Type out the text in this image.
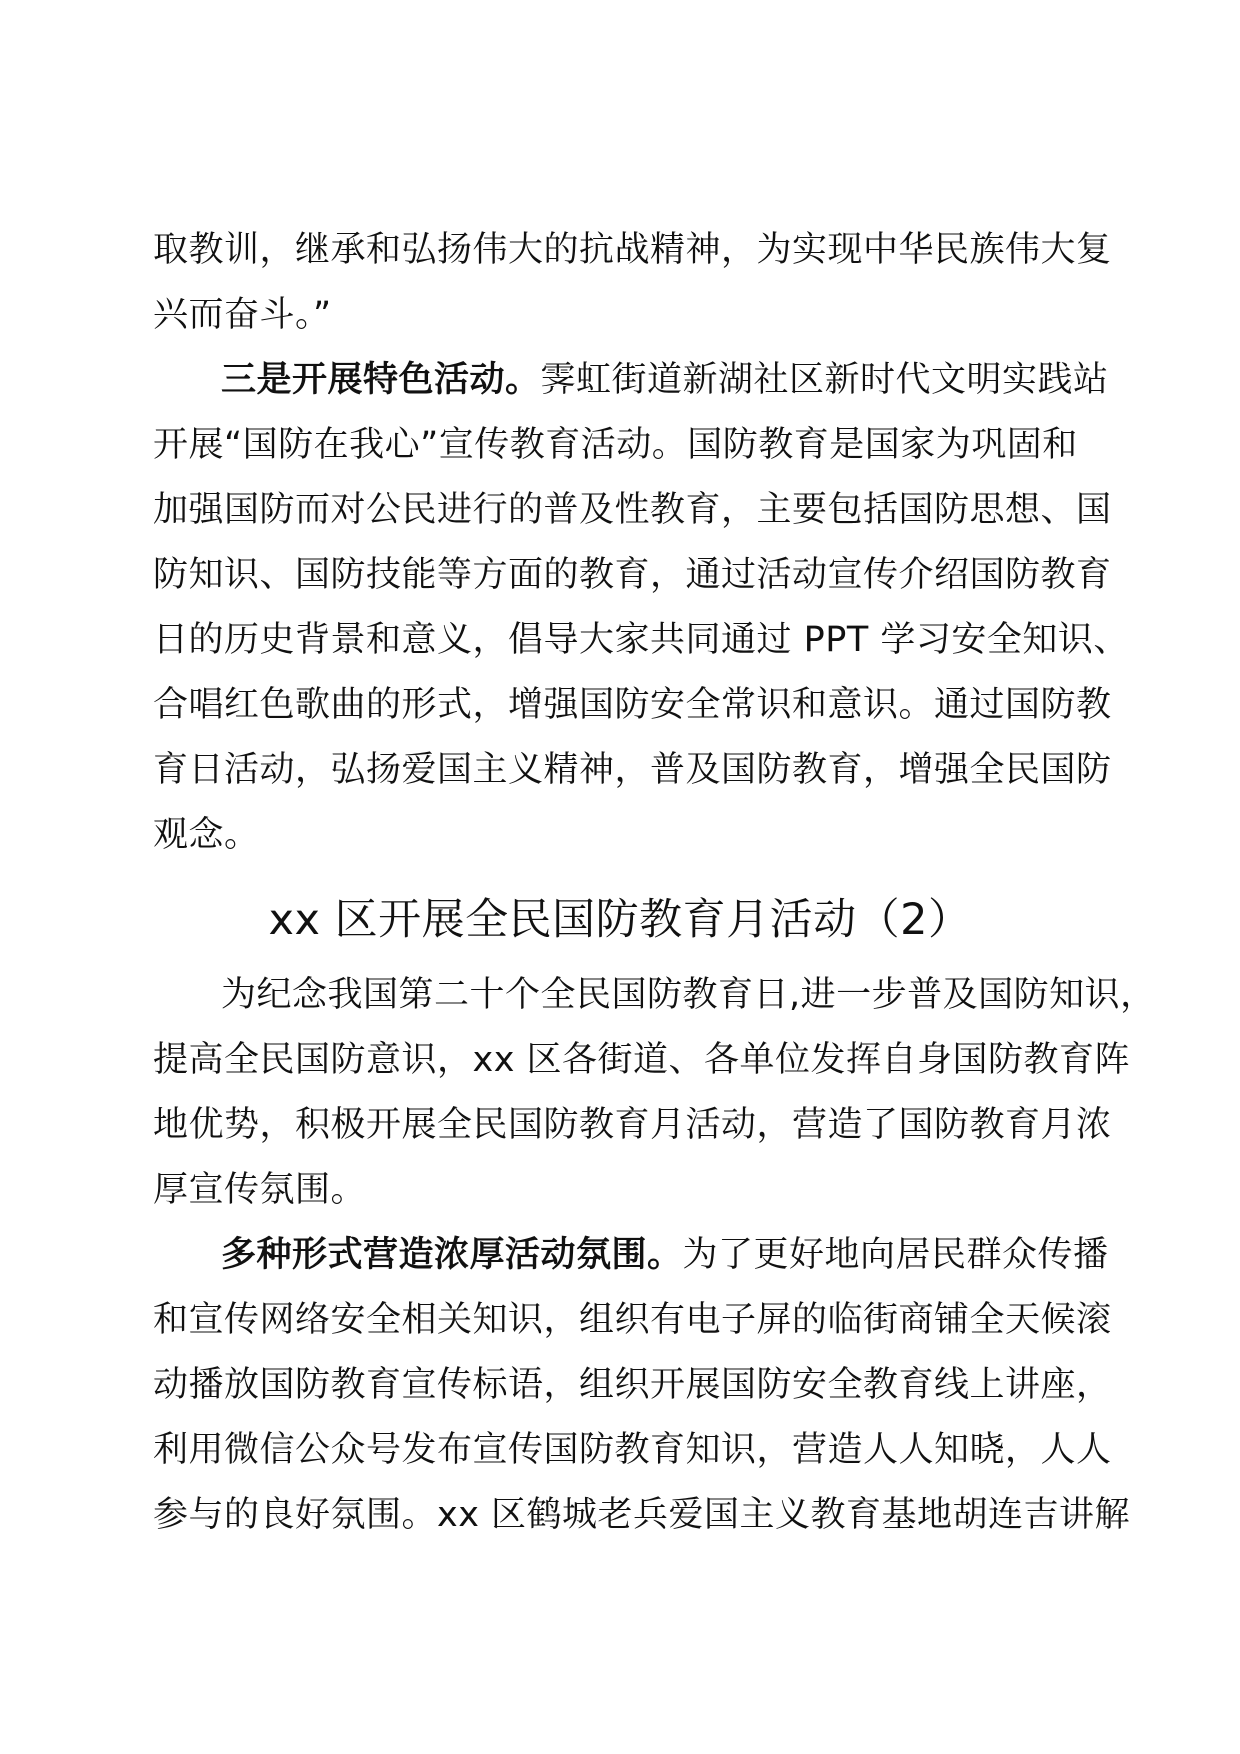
取教训，继承和弘扬伟大的抗战精神，为实现中华民族伟大复
兴而奋斗。”
三是开展特色活动。霁虹街道新湖社区新时代文明实践站
开展“国防在我心”宣传教育活动。国防教育是国家为巩固和
加强国防而对公民进行的普及性教育，主要包括国防思想、国
防知识、国防技能等方面的教育，通过活动宣传介绍国防教育
日的历史背景和意义，倡导大家共同通过 PPT 学习安全知识、
合唱红色歌曲的形式，增强国防安全常识和意识。通过国防教
育日活动，弘扬爱国主义精神，普及国防教育，增强全民国防
观念。
xx 区开展全民国防教育月活动（2）
为纪念我国第二十个全民国防教育日,进一步普及国防知识，
提高全民国防意识，xx 区各街道、各单位发挥自身国防教育阵
地优势，积极开展全民国防教育月活动，营造了国防教育月浓
厚宣传氛围。
多种形式营造浓厚活动氛围。为了更好地向居民群众传播
和宣传网络安全相关知识，组织有电子屏的临街商铺全天候滚
动播放国防教育宣传标语，组织开展国防安全教育线上讲座，
利用微信公众号发布宣传国防教育知识，营造人人知晓，人人
参与的良好氛围。xx 区鹤城老兵爱国主义教育基地胡连吉讲解
